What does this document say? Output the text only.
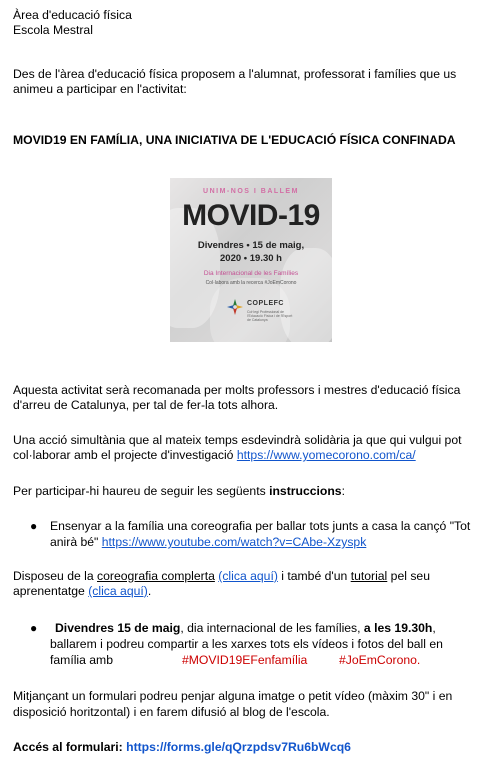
Àrea d'educació física
Escola Mestral
Des de l'àrea d'educació física proposem a l'alumnat, professorat i famílies que us
animeu a participar en l'activitat:
MOVID19 EN FAMÍLIA, UNA INICIATIVA DE L'EDUCACIÓ FÍSICA CONFINADA
UNIM-NOS I BALLEM
MOVID-19
Divendres • 15 de maig,
2020 • 19.30 h
Dia Internacional de les Famílies
Col·labora amb la recerca #JoEmCorono
COPLEFC
Col·legi Professional de l'Educació Física i de l'Esport de Catalunya
Aquesta activitat serà recomanada per molts professors i mestres d'educació física
d'arreu de Catalunya, per tal de fer-la tots alhora.
Una acció simultània que al mateix temps esdevindrà solidària ja que qui vulgui pot
col·laborar amb el projecte d'investigació https://www.yomecorono.com/ca/
Per participar-hi haureu de seguir les següents instruccions:
● Ensenyar a la família una coreografia per ballar tots junts a casa la cançó "Tot
anirà bé" https://www.youtube.com/watch?v=CAbe-Xzyspk
Disposeu de la coreografia complerta (clica aquí) i també d'un tutorial pel seu
aprenentatge (clica aquí).
● Divendres 15 de maig, dia internacional de les famílies, a les 19.30h,
ballarem i podreu compartir a les xarxes tots els vídeos i fotos del ball en
família amb	#MOVID19EFenfamília	#JoEmCorono.
Mitjançant un formulari podreu penjar alguna imatge o petit vídeo (màxim 30" i en
disposició horitzontal) i en farem difusió al blog de l'escola.
Accés al formulari: https://forms.gle/qQrzpdsv7Ru6bWcq6
